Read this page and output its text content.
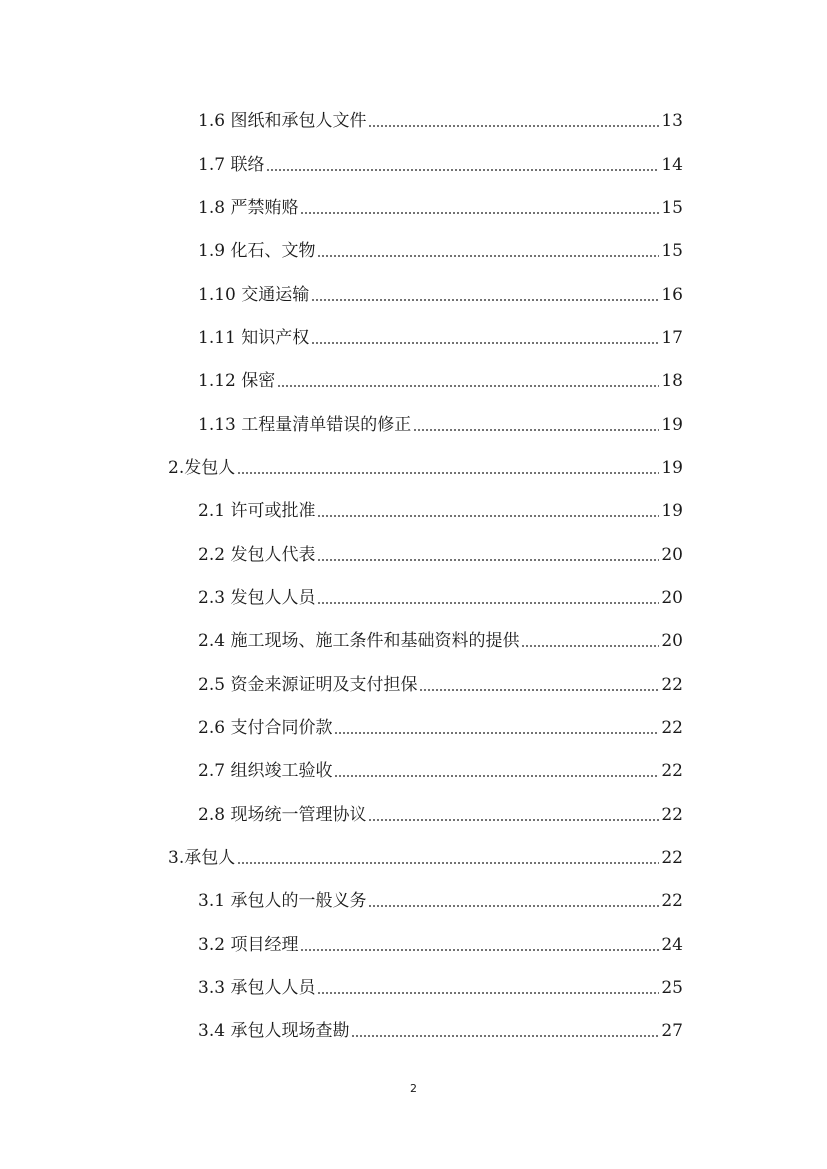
1.6 图纸和承包人文件	13
1.7 联络	14
1.8 严禁贿赂	15
1.9 化石、文物	15
1.10 交通运输	16
1.11 知识产权	17
1.12 保密	18
1.13 工程量清单错误的修正	19
2.发包人	19
2.1 许可或批准	19
2.2 发包人代表	20
2.3 发包人人员	20
2.4 施工现场、施工条件和基础资料的提供	20
2.5 资金来源证明及支付担保	22
2.6 支付合同价款	22
2.7 组织竣工验收	22
2.8 现场统一管理协议	22
3.承包人	22
3.1 承包人的一般义务	22
3.2 项目经理	24
3.3 承包人人员	25
3.4 承包人现场查勘	27
2
